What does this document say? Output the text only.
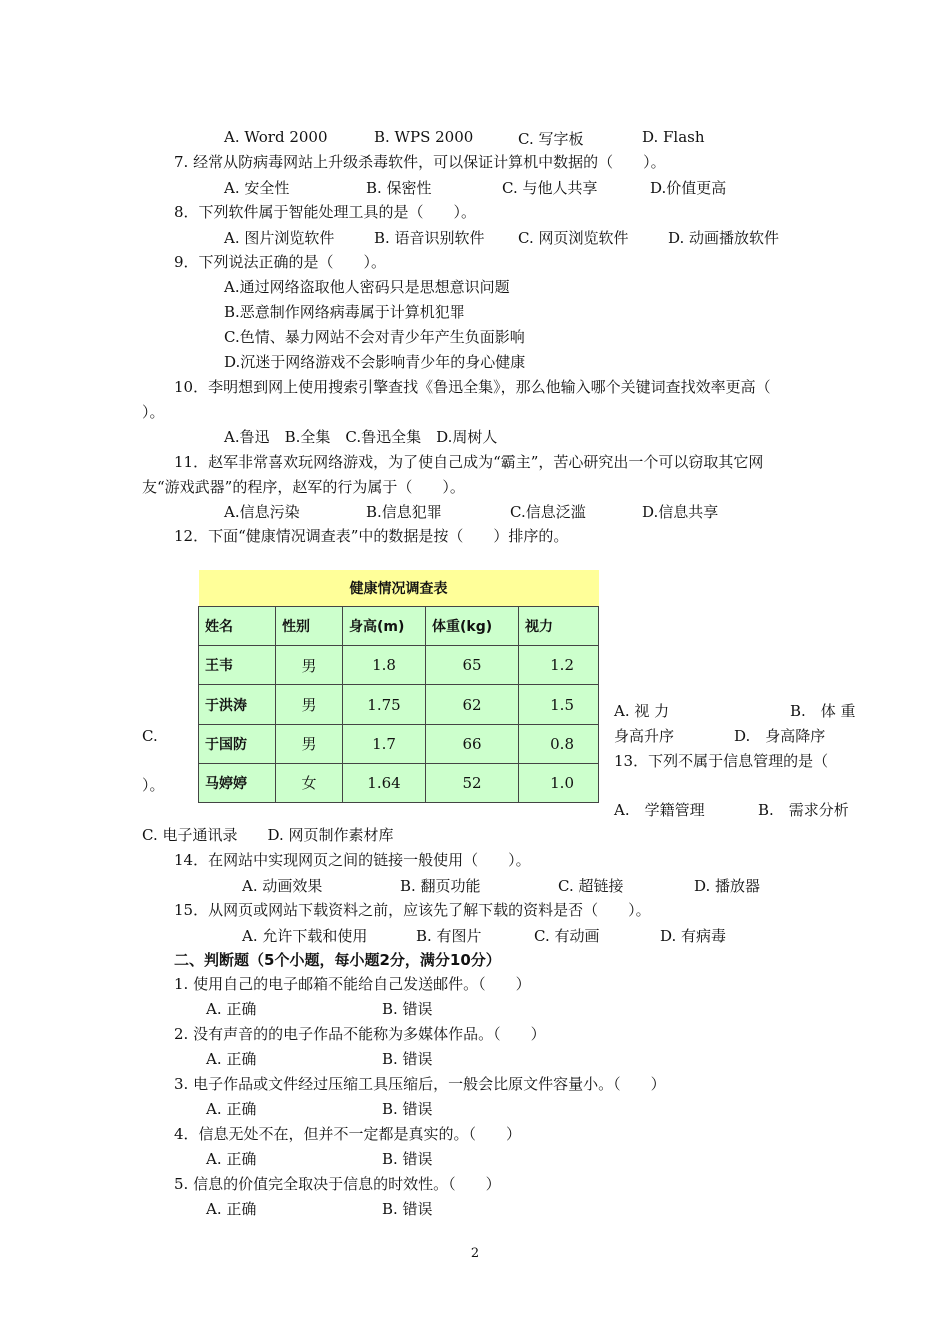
A. Word 2000	B. WPS 2000	C. 写字板	D. Flash
7. 经常从防病毒网站上升级杀毒软件，可以保证计算机中数据的（　　）。
A. 安全性	B. 保密性	C. 与他人共享	D.价值更高
8．下列软件属于智能处理工具的是（　　）。
A. 图片浏览软件	B. 语音识别软件 C. 网页浏览软件	D. 动画播放软件
9．下列说法正确的是（　　）。
A.通过网络盗取他人密码只是思想意识问题
B.恶意制作网络病毒属于计算机犯罪
C.色情、暴力网站不会对青少年产生负面影响
D.沉迷于网络游戏不会影响青少年的身心健康
10．李明想到网上使用搜索引擎查找《鲁迅全集》，那么他输入哪个关键词查找效率更高（
）。
A.鲁迅　B.全集　C.鲁迅全集　D.周树人
11．赵军非常喜欢玩网络游戏，为了使自己成为“霸主”，苦心研究出一个可以窃取其它网
友“游戏武器”的程序，赵军的行为属于（　　）。
A.信息污染	B.信息犯罪	C.信息泛滥	D.信息共享
12．下面“健康情况调查表”中的数据是按（　　）排序的。
健康情况调查表				
姓名	性别	身高(m)	体重(kg)	视力
王韦	男	1.8	65	1.2
于洪涛	男	1.75	62	1.5
于国防	男	1.7	66	0.8
马婷婷	女	1.64	52	1.0
C.
）。
A. 视 力	B.　体 重
身高升序	D.　身高降序
13．下列不属于信息管理的是（
A.　学籍管理	B.　需求分析
C. 电子通讯录　　D. 网页制作素材库
14．在网站中实现网页之间的链接一般使用（　　）。
A. 动画效果	B. 翻页功能	C. 超链接	D. 播放器
15．从网页或网站下载资料之前，应该先了解下载的资料是否（　　）。
A. 允许下载和使用	B. 有图片	C. 有动画	D. 有病毒
二、判断题（5个小题，每小题2分，满分10分）
1. 使用自己的电子邮箱不能给自己发送邮件。（　　）
A. 正确	B. 错误
2. 没有声音的的电子作品不能称为多媒体作品。（　　）
A. 正确	B. 错误
3. 电子作品或文件经过压缩工具压缩后，一般会比原文件容量小。（　　）
A. 正确	B. 错误
4．信息无处不在，但并不一定都是真实的。（　　）
A. 正确	B. 错误
5. 信息的价值完全取决于信息的时效性。（　　）
A. 正确	B. 错误
2
